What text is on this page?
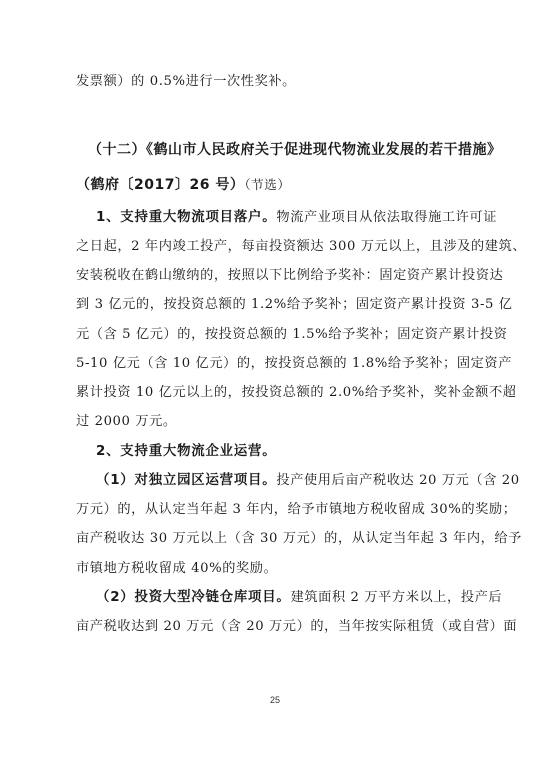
发票额）的 0.5%进行一次性奖补。
（十二）《鹤山市人民政府关于促进现代物流业发展的若干措施》
（鹤府〔2017〕26 号）（节选）
1、支持重大物流项目落户。物流产业项目从依法取得施工许可证
之日起，2 年内竣工投产，每亩投资额达 300 万元以上，且涉及的建筑、
安装税收在鹤山缴纳的，按照以下比例给予奖补：固定资产累计投资达
到 3 亿元的，按投资总额的 1.2%给予奖补；固定资产累计投资 3-5 亿
元（含 5 亿元）的，按投资总额的 1.5%给予奖补；固定资产累计投资
5-10 亿元（含 10 亿元）的，按投资总额的 1.8%给予奖补；固定资产
累计投资 10 亿元以上的，按投资总额的 2.0%给予奖补，奖补金额不超
过 2000 万元。
2、支持重大物流企业运营。
（1）对独立园区运营项目。投产使用后亩产税收达 20 万元（含 20
万元）的，从认定当年起 3 年内，给予市镇地方税收留成 30%的奖励；
亩产税收达 30 万元以上（含 30 万元）的，从认定当年起 3 年内，给予
市镇地方税收留成 40%的奖励。
（2）投资大型冷链仓库项目。建筑面积 2 万平方米以上，投产后
亩产税收达到 20 万元（含 20 万元）的，当年按实际租赁（或自营）面
25
